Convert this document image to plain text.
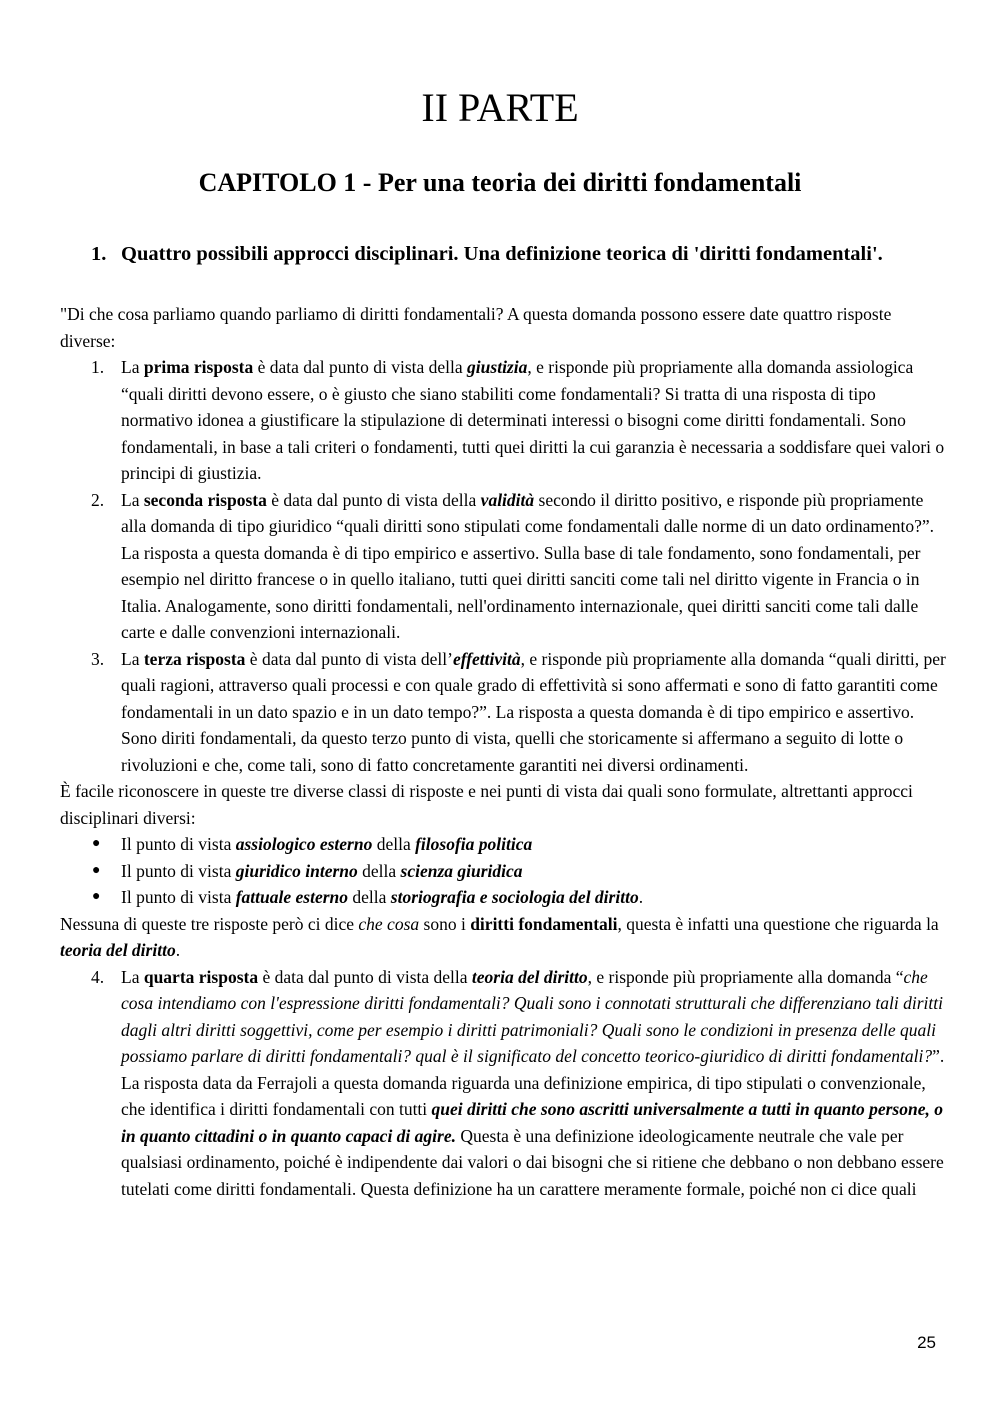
II PARTE
CAPITOLO 1 - Per una teoria dei diritti fondamentali
1. Quattro possibili approcci disciplinari. Una definizione teorica di 'diritti fondamentali'.

"Di che cosa parliamo quando parliamo di diritti fondamentali? A questa domanda possono essere date quattro risposte diverse:

1. La prima risposta è data dal punto di vista della giustizia, e risponde più propriamente alla domanda assiologica “quali diritti devono essere, o è giusto che siano stabiliti come fondamentali? Si tratta di una risposta di tipo normativo idonea a giustificare la stipulazione di determinati interessi o bisogni come diritti fondamentali. Sono fondamentali, in base a tali criteri o fondamenti, tutti quei diritti la cui garanzia è necessaria a soddisfare quei valori o principi di giustizia.
2. La seconda risposta è data dal punto di vista della validità secondo il diritto positivo, e risponde più propriamente alla domanda di tipo giuridico “quali diritti sono stipulati come fondamentali dalle norme di un dato ordinamento?”. La risposta a questa domanda è di tipo empirico e assertivo. Sulla base di tale fondamento, sono fondamentali, per esempio nel diritto francese o in quello italiano, tutti quei diritti sanciti come tali nel diritto vigente in Francia o in Italia. Analogamente, sono diritti fondamentali, nell'ordinamento internazionale, quei diritti sanciti come tali dalle carte e dalle convenzioni internazionali.
3. La terza risposta è data dal punto di vista dell’effettività, e risponde più propriamente alla domanda “quali diritti, per quali ragioni, attraverso quali processi e con quale grado di effettività si sono affermati e sono di fatto garantiti come fondamentali in un dato spazio e in un dato tempo?”. La risposta a questa domanda è di tipo empirico e assertivo. Sono diriti fondamentali, da questo terzo punto di vista, quelli che storicamente si affermano a seguito di lotte o rivoluzioni e che, come tali, sono di fatto concretamente garantiti nei diversi ordinamenti.

È facile riconoscere in queste tre diverse classi di risposte e nei punti di vista dai quali sono formulate, altrettanti approcci disciplinari diversi:

● Il punto di vista assiologico esterno della filosofia politica
● Il punto di vista giuridico interno della scienza giuridica
● Il punto di vista fattuale esterno della storiografia e sociologia del diritto.

Nessuna di queste tre risposte però ci dice che cosa sono i diritti fondamentali, questa è infatti una questione che riguarda la teoria del diritto.

4. La quarta risposta è data dal punto di vista della teoria del diritto, e risponde più propriamente alla domanda “che cosa intendiamo con l'espressione diritti fondamentali? Quali sono i connotati strutturali che differenziano tali diritti dagli altri diritti soggettivi, come per esempio i diritti patrimoniali? Quali sono le condizioni in presenza delle quali possiamo parlare di diritti fondamentali? qual è il significato del concetto teorico-giuridico di diritti fondamentali?”. La risposta data da Ferrajoli a questa domanda riguarda una definizione empirica, di tipo stipulati o convenzionale, che identifica i diritti fondamentali con tutti quei diritti che sono ascritti universalmente a tutti in quanto persone, o in quanto cittadini o in quanto capaci di agire. Questa è una definizione ideologicamente neutrale che vale per qualsiasi ordinamento, poiché è indipendente dai valori o dai bisogni che si ritiene che debbano o non debbano essere tutelati come diritti fondamentali. Questa definizione ha un carattere meramente formale, poiché non ci dice quali
25
